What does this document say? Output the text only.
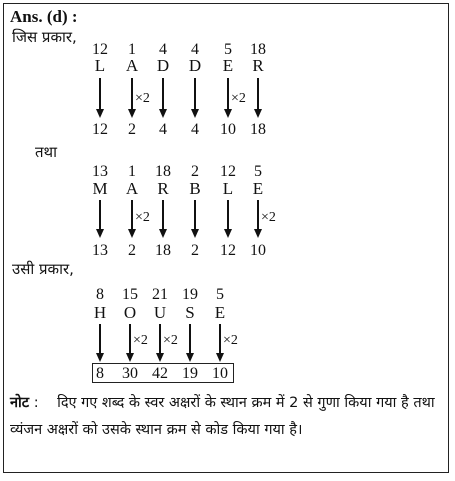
Ans. (d) :
जिस प्रकार,
तथा
उसी प्रकार,
12
L
12
1
A
×2
2
4
D
4
4
D
4
5
E
×2
10
18
R
18
13
M
13
1
A
×2
2
18
R
18
2
B
2
12
L
12
5
E
×2
10
8
H
8
15
O
×2
30
21
U
×2
42
19
S
19
5
E
×2
10
नोट : दिए गए शब्द के स्वर अक्षरों के स्थान क्रम में 2 से गुणा किया गया है तथा व्यंजन अक्षरों को उसके स्थान क्रम से कोड किया गया है।
